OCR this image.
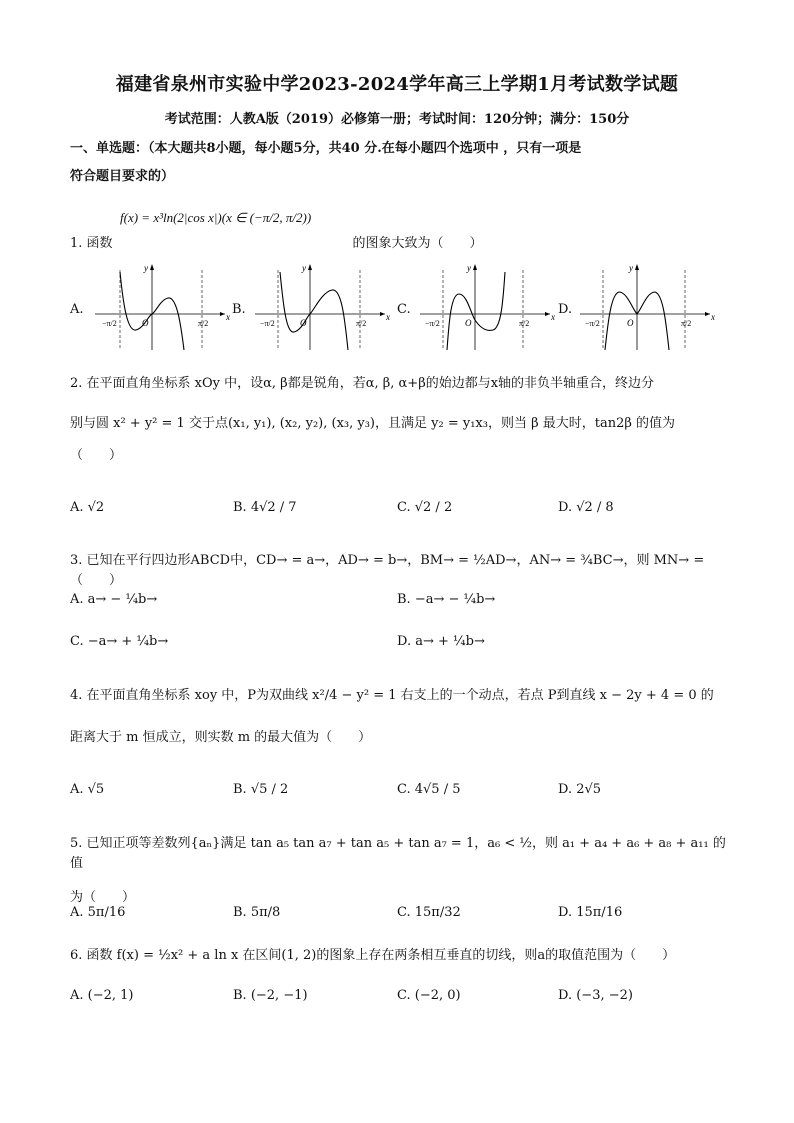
福建省泉州市实验中学2023-2024学年高三上学期1月考试数学试题
考试范围：人教A版（2019）必修第一册；考试时间：120分钟；满分：150分
一、单选题：（本大题共8小题，每小题5分，共40 分.在每小题四个选项中 ，只有一项是
符合题目要求的）
f(x) = x³ln(2|cos x|)(x ∈ (−π/2, π/2))
1. 函数	的图象大致为（　　）
A.	x
y
O
−π/2	π/2
B.	x
y
O
−π/2	π/2
C.	x
y
O
−π/2	π/2
D.	x
y
O
−π/2	π/2
2. 在平面直角坐标系 xOy 中，设α, β都是锐角，若α, β, α+β的始边都与x轴的非负半轴重合，终边分
别与圆 x² + y² = 1 交于点(x₁, y₁), (x₂, y₂), (x₃, y₃)，且满足 y₂ = y₁x₃，则当 β 最大时，tan2β 的值为
（　　）
A. √2	B. 4√2 / 7	C. √2 / 2	D. √2 / 8
3. 已知在平行四边形ABCD中，CD→ = a→，AD→ = b→，BM→ = ½AD→，AN→ = ¾BC→，则 MN→ =（　　）
A. a→ − ¼b→	B. −a→ − ¼b→
C. −a→ + ¼b→	D. a→ + ¼b→
4. 在平面直角坐标系 xoy 中，P为双曲线 x²/4 − y² = 1 右支上的一个动点，若点 P到直线 x − 2y + 4 = 0 的
距离大于 m 恒成立，则实数 m 的最大值为（　　）
A. √5	B. √5 / 2	C. 4√5 / 5	D. 2√5
5. 已知正项等差数列{aₙ}满足 tan a₅ tan a₇ + tan a₅ + tan a₇ = 1，a₆ < ½，则 a₁ + a₄ + a₆ + a₈ + a₁₁ 的值
为（　　）
A. 5π/16	B. 5π/8	C. 15π/32	D. 15π/16
6. 函数 f(x) = ½x² + a ln x 在区间(1, 2)的图象上存在两条相互垂直的切线，则a的取值范围为（　　）
A. (−2, 1)	B. (−2, −1)	C. (−2, 0)	D. (−3, −2)
